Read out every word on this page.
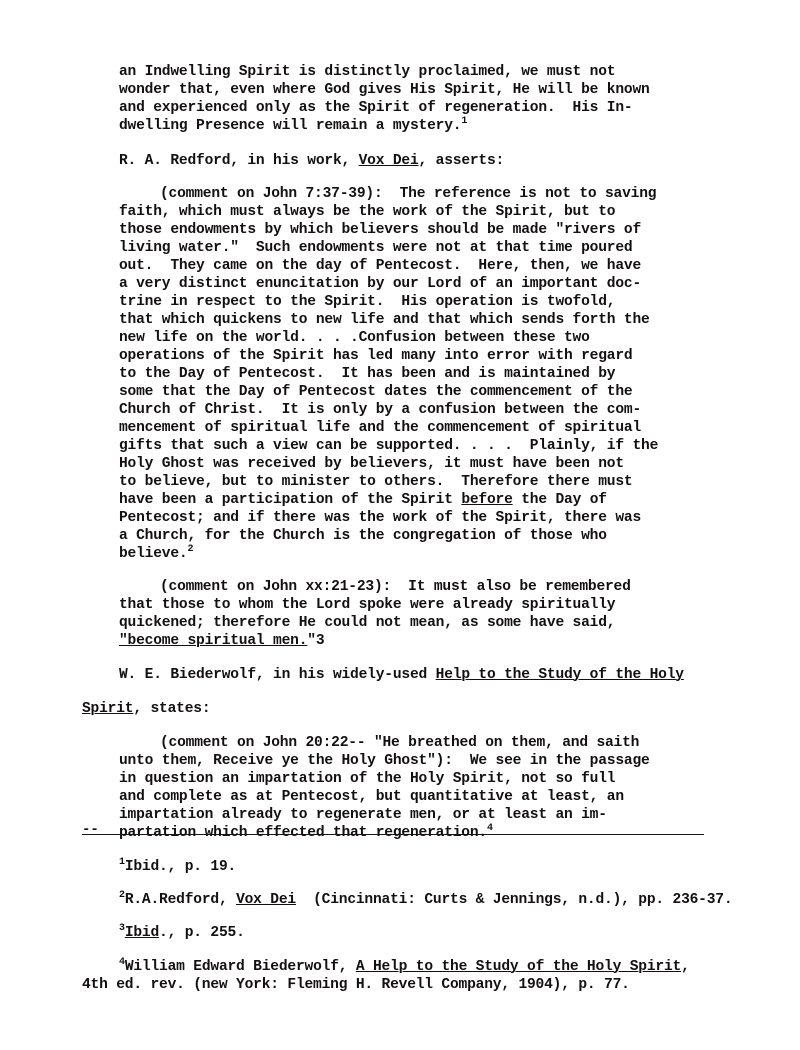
an Indwelling Spirit is distinctly proclaimed, we must not
wonder that, even where God gives His Spirit, He will be known
and experienced only as the Spirit of regeneration.  His In-
dwelling Presence will remain a mystery.$^1$
R. A. Redford, in his work, Vox Dei, asserts:
(comment on John 7:37-39):  The reference is not to saving
faith, which must always be the work of the Spirit, but to
those endowments by which believers should be made "rivers of
living water."  Such endowments were not at that time poured
out.  They came on the day of Pentecost.  Here, then, we have
a very distinct enuncitation by our Lord of an important doc-
trine in respect to the Spirit.  His operation is twofold,
that which quickens to new life and that which sends forth the
new life on the world. . . .Confusion between these two
operations of the Spirit has led many into error with regard
to the Day of Pentecost.  It has been and is maintained by
some that the Day of Pentecost dates the commencement of the
Church of Christ.  It is only by a confusion between the com-
mencement of spiritual life and the commencement of spiritual
gifts that such a view can be supported. . . .  Plainly, if the
Holy Ghost was received by believers, it must have been not
to believe, but to minister to others.  Therefore there must
have been a participation of the Spirit before the Day of
Pentecost; and if there was the work of the Spirit, there was
a Church, for the Church is the congregation of those who
believe.$^2$
(comment on John xx:21-23):  It must also be remembered
that those to whom the Lord spoke were already spiritually
quickened; therefore He could not mean, as some have said,
"become spiritual men."3
W. E. Biederwolf, in his widely-used Help to the Study of the Holy
Spirit, states:
(comment on John 20:22-- "He breathed on them, and saith
unto them, Receive ye the Holy Ghost"):  We see in the passage
in question an impartation of the Holy Spirit, not so full
and complete as at Pentecost, but quantitative at least, an
impartation already to regenerate men, or at least an im-
partation which effected that regeneration.$^4$
--
$^1$Ibid., p. 19.
$^2$R.A.Redford, Vox Dei  (Cincinnati: Curts & Jennings, n.d.), pp. 236-37.
$^3$Ibid., p. 255.
$^4$William Edward Biederwolf, A Help to the Study of the Holy Spirit,
4th ed. rev. (new York: Fleming H. Revell Company, 1904), p. 77.
